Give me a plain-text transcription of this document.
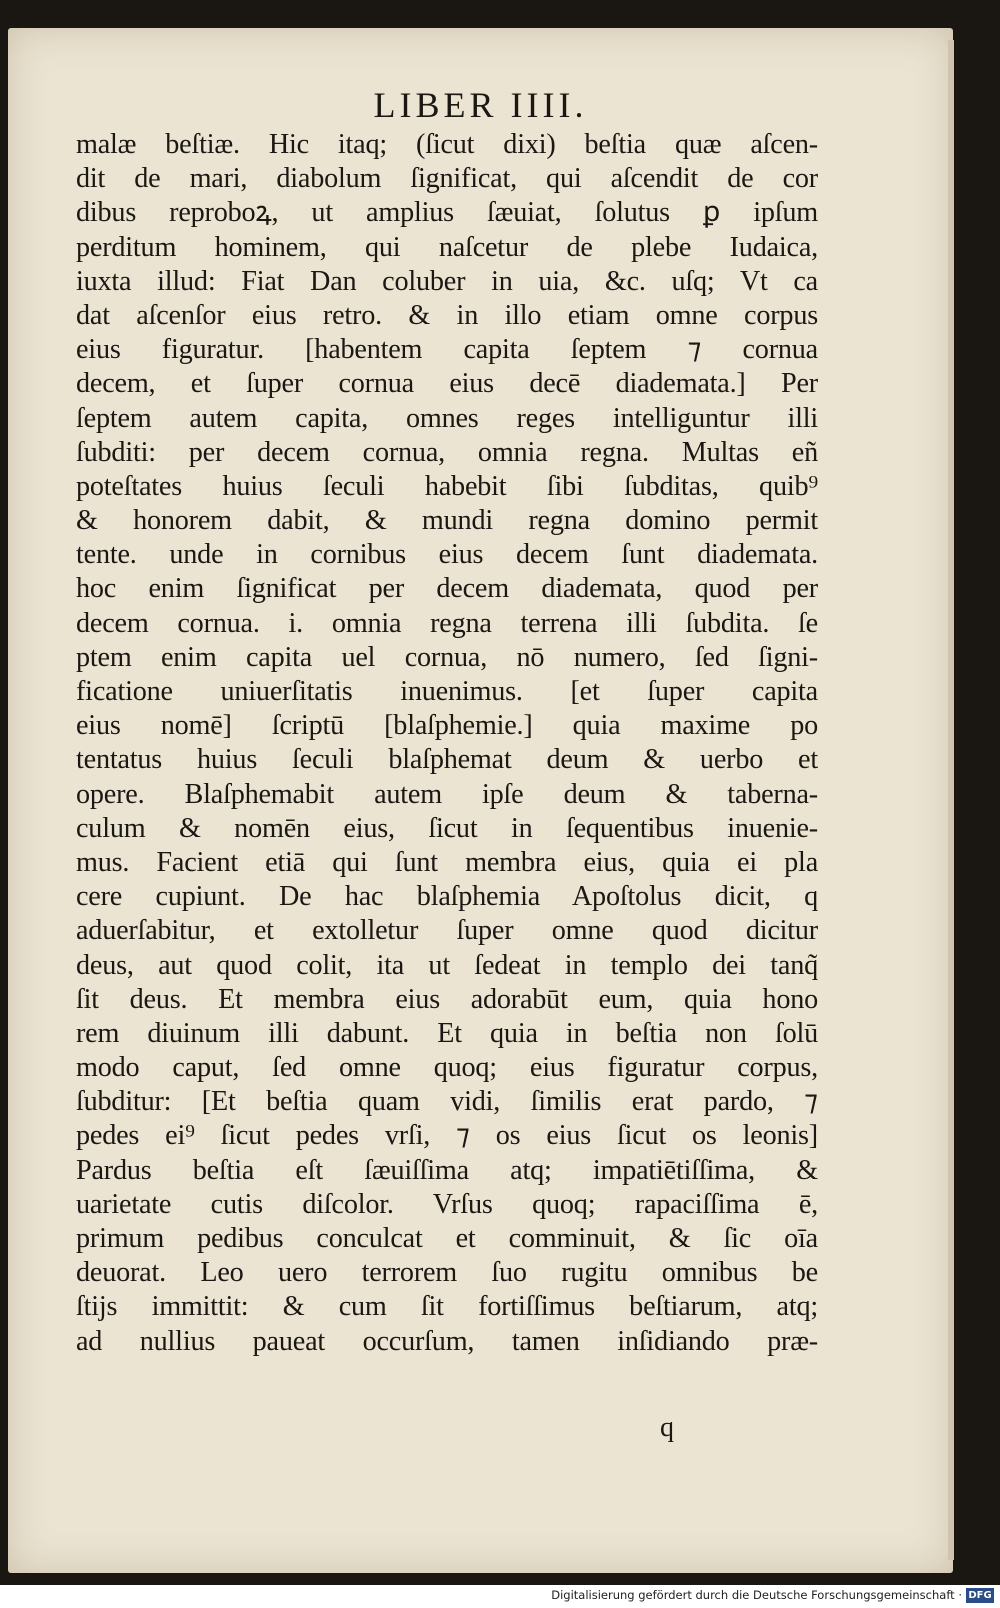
LIBER IIII.
malæ beſtiæ. Hic itaq; (ſicut dixi) beſtia quæ aſcen-
dit de mari, diabolum ſignificat, qui aſcendit de cor
dibus reproboꝝ, ut amplius ſæuiat, ſolutus ꝑ ipſum
perditum hominem, qui naſcetur de plebe Iudaica,
iuxta illud: Fiat Dan coluber in uia, &c. uſq; Vt ca
dat aſcenſor eius retro. & in illo etiam omne corpus
eius figuratur. [habentem capita ſeptem ⁊ cornua
decem, et ſuper cornua eius decē diademata.] Per
ſeptem autem capita, omnes reges intelliguntur illi
ſubditi: per decem cornua, omnia regna. Multas eñ
poteſtates huius ſeculi habebit ſibi ſubditas, quib⁹
& honorem dabit, & mundi regna domino permit
tente. unde in cornibus eius decem ſunt diademata.
hoc enim ſignificat per decem diademata, quod per
decem cornua. i. omnia regna terrena illi ſubdita. ſe
ptem enim capita uel cornua, nō numero, ſed ſigni-
ficatione uniuerſitatis inuenimus. [et ſuper capita
eius nomē] ſcriptū [blaſphemie.] quia maxime po
tentatus huius ſeculi blaſphemat deum & uerbo et
opere. Blaſphemabit autem ipſe deum & taberna-
culum & nomēn eius, ſicut in ſequentibus inuenie-
mus. Facient etiā qui ſunt membra eius, quia ei pla
cere cupiunt. De hac blaſphemia Apoſtolus dicit, q
aduerſabitur, et extolletur ſuper omne quod dicitur
deus, aut quod colit, ita ut ſedeat in templo dei tanq̃
ſit deus. Et membra eius adorabūt eum, quia hono
rem diuinum illi dabunt. Et quia in beſtia non ſolū
modo caput, ſed omne quoq; eius figuratur corpus,
ſubditur: [Et beſtia quam vidi, ſimilis erat pardo, ⁊
pedes ei⁹ ſicut pedes vrſi, ⁊ os eius ſicut os leonis]
Pardus beſtia eſt ſæuiſſima atq; impatiētiſſima, &
uarietate cutis diſcolor. Vrſus quoq; rapaciſſima ē,
primum pedibus conculcat et comminuit, & ſic oīa
deuorat. Leo uero terrorem ſuo rugitu omnibus be
ſtijs immittit: & cum ſit fortiſſimus beſtiarum, atq;
ad nullius paueat occurſum, tamen inſidiando præ-
q
Digitalisierung gefördert durch die Deutsche Forschungsgemeinschaft · DFG
